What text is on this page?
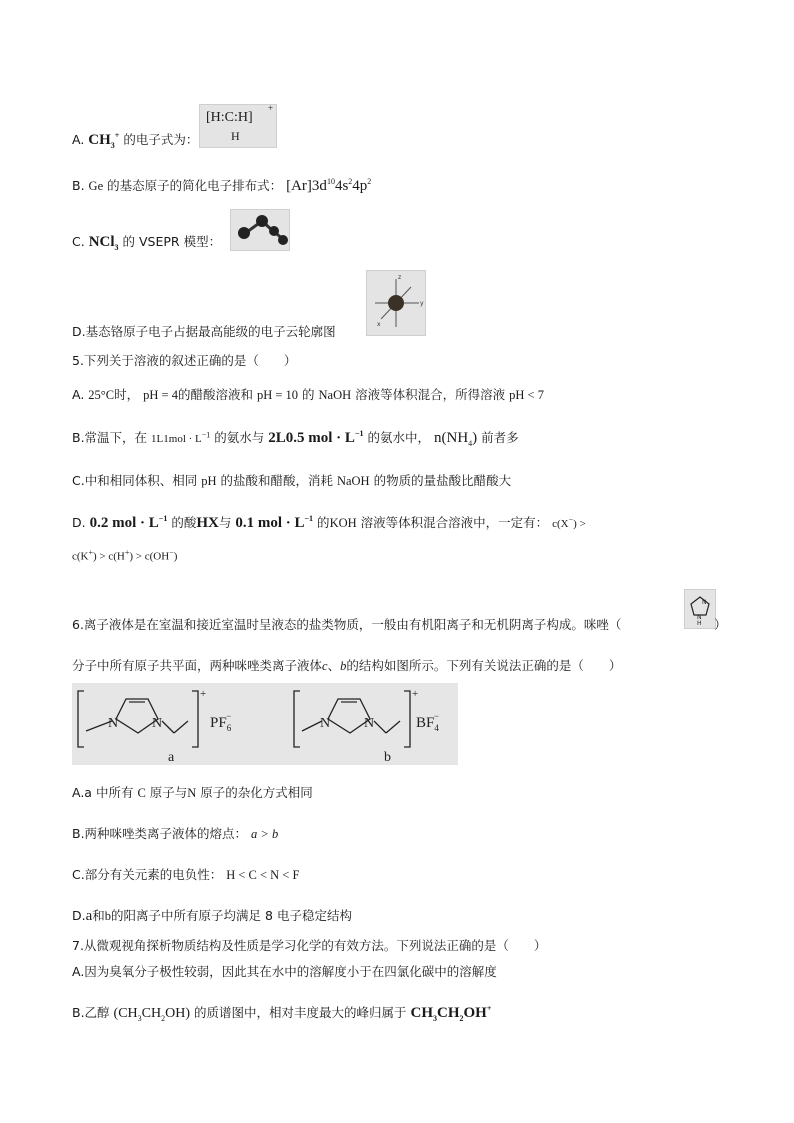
A. $CH_3^+$ 的电子式为：
[H:C:H]
+
H
B. Ge 的基态原子的简化电子排布式： $[Ar]3d^{10}4s^24p^2$
C. NCl$_3$ 的 VSEPR 模型：
D.基态铬原子电子占据最高能级的电子云轮廓图
z
y
x
5.下列关于溶液的叙述正确的是（　　）
A. 25°C时， pH = 4的醋酸溶液和 pH = 10 的 NaOH 溶液等体积混合，所得溶液 pH < 7
B.常温下，在 $1L1mol \cdot L^{-1}$ 的氨水与 2L0.5 mol · $L^{-1}$ 的氨水中， $n(NH_4)$ 前者多
C.中和相同体积、相同 pH 的盐酸和醋酸，消耗 NaOH 的物质的量盐酸比醋酸大
D. 0.2 mol · $L^{-1}$ 的酸HX与 0.1 mol · $L^{-1}$ 的KOH 溶液等体积混合溶液中，一定有： c(X−) >
c(K+) > c(H+) > c(OH−)
6.离子液体是在室温和接近室温时呈液态的盐类物质，一般由有机阳离子和无机阴离子构成。咪唑（
N
N
H ）
分子中所有原子共平面，两种咪唑类离子液体c、b的结构如图所示。下列有关说法正确的是（　　）
N N
+
$PF_6-$
a
N N
+
$BF_4-$
b
A.a 中所有 C 原子与N 原子的杂化方式相同
B.两种咪唑类离子液体的熔点： a > b
C.部分有关元素的电负性： H < C < N < F
D.a和b的阳离子中所有原子均满足 8 电子稳定结构
7.从微观视角探析物质结构及性质是学习化学的有效方法。下列说法正确的是（　　）
A.因为臭氧分子极性较弱，因此其在水中的溶解度小于在四氯化碳中的溶解度
B.乙醇 $(CH_3CH_2OH)$ 的质谱图中，相对丰度最大的峰归属于 $CH_3CH_2OH^+$
